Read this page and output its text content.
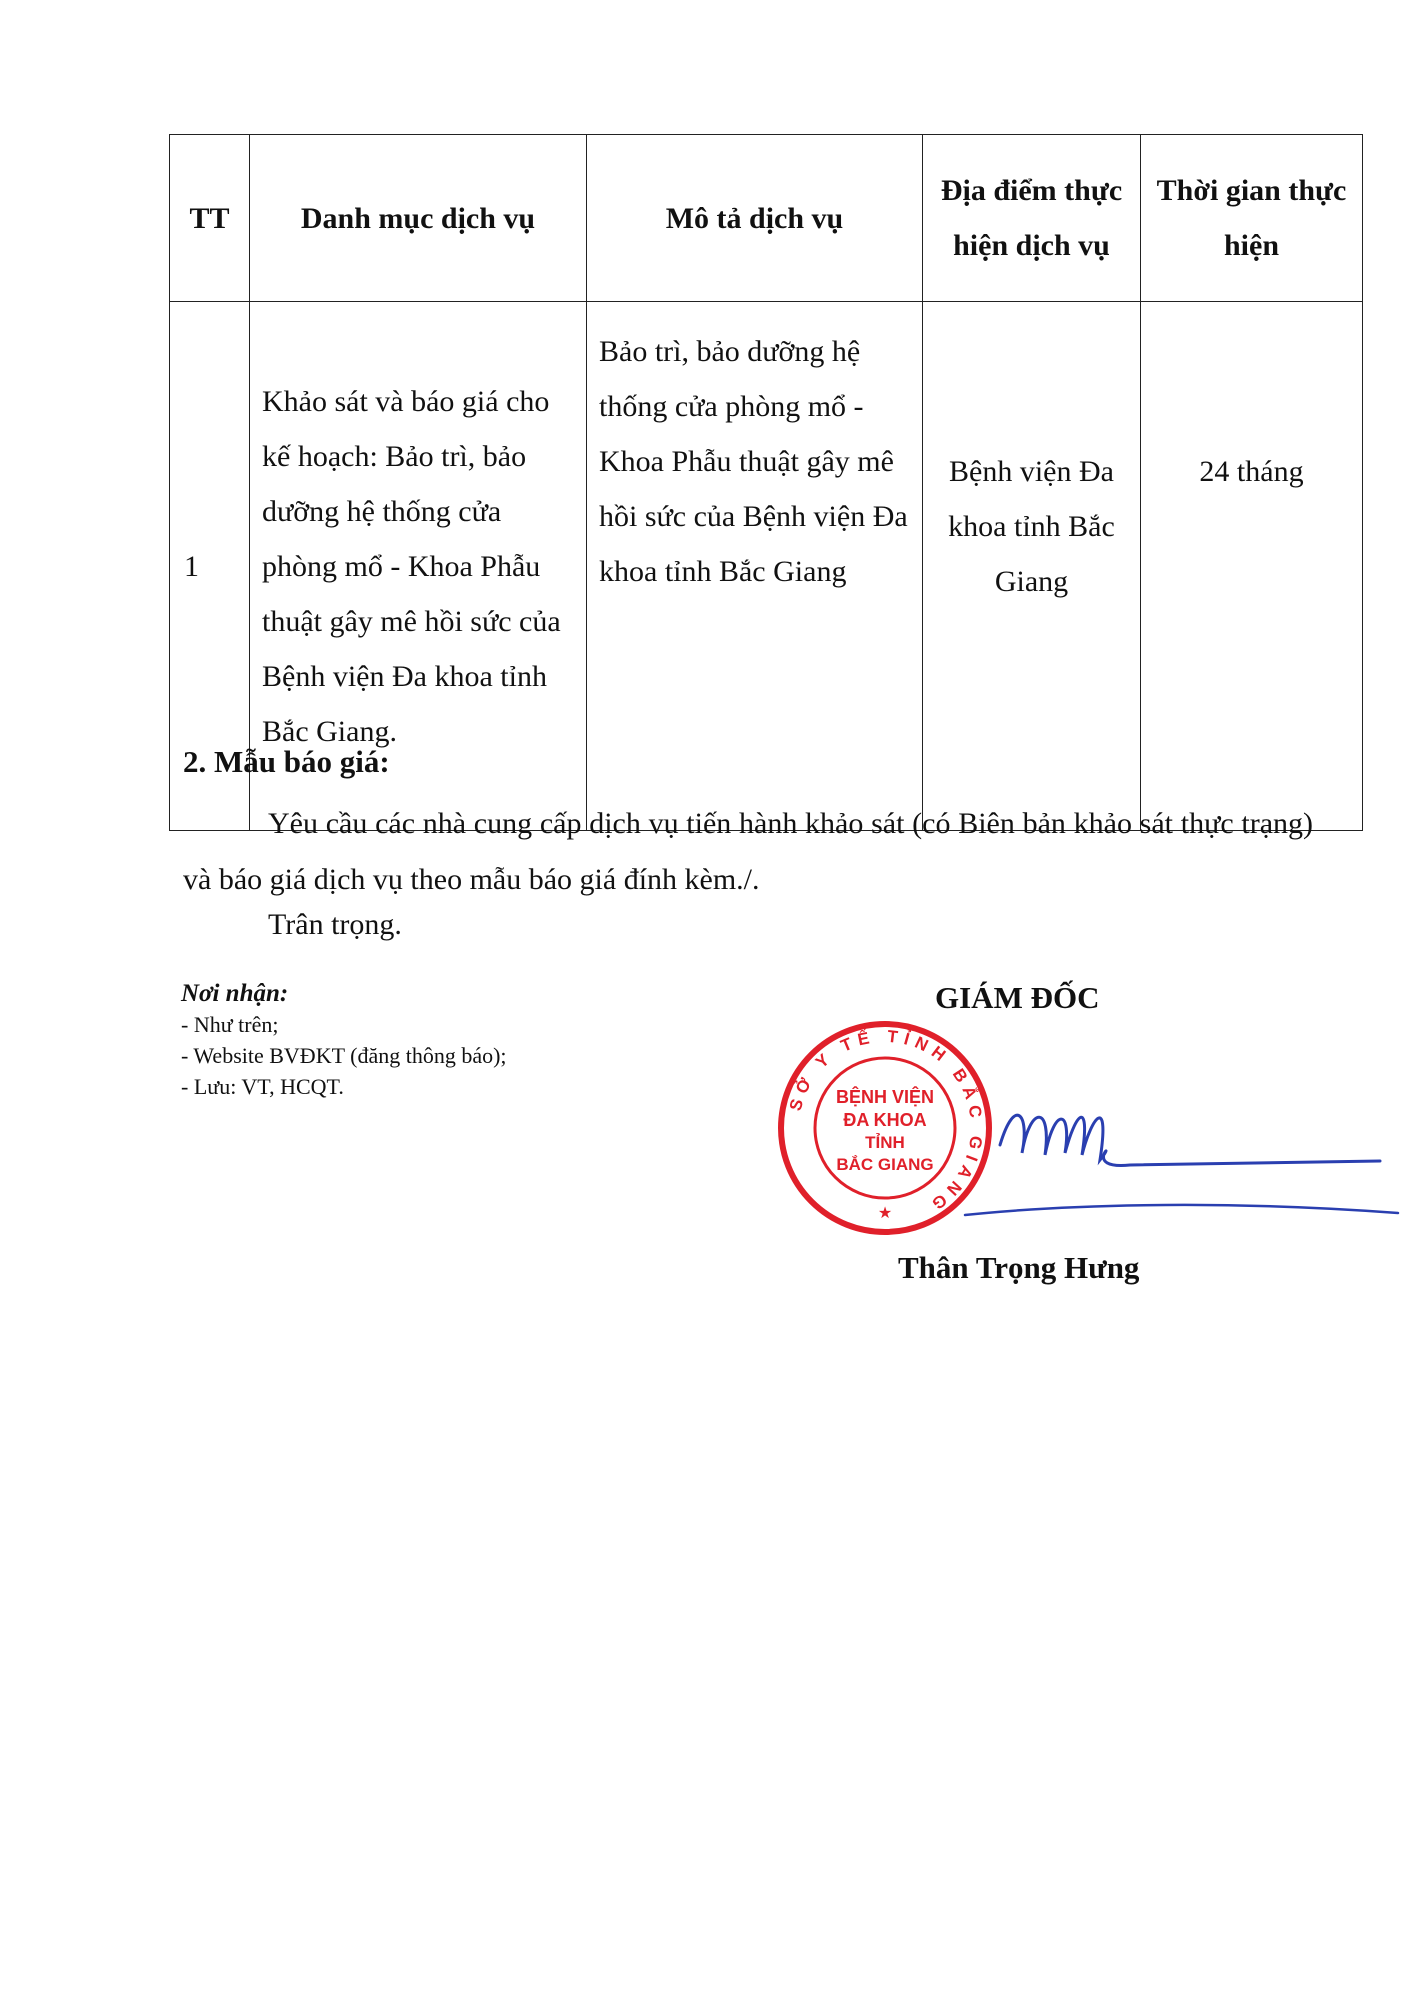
TT	Danh mục dịch vụ	Mô tả dịch vụ	Địa điểm thực hiện dịch vụ	Thời gian thực hiện
1	Khảo sát và báo giá cho kế hoạch: Bảo trì, bảo dưỡng hệ thống cửa phòng mổ - Khoa Phẫu thuật gây mê hồi sức của Bệnh viện Đa khoa tỉnh Bắc Giang.	Bảo trì, bảo dưỡng hệ thống cửa phòng mổ - Khoa Phẫu thuật gây mê hồi sức của Bệnh viện Đa khoa tỉnh Bắc Giang	Bệnh viện Đa khoa tỉnh Bắc Giang	24 tháng
2. Mẫu báo giá:

Yêu cầu các nhà cung cấp dịch vụ tiến hành khảo sát (có Biên bản khảo sát thực trạng) và báo giá dịch vụ theo mẫu báo giá đính kèm./.

Trân trọng.
Nơi nhận:
- Như trên;
- Website BVĐKT (đăng thông báo);
- Lưu: VT, HCQT.
GIÁM ĐỐC
SỞ Y TẾ TỈNH BẮC GIANG
BỆNH VIỆN
ĐA KHOA
TỈNH
BẮC GIANG
★
Thân Trọng Hưng
